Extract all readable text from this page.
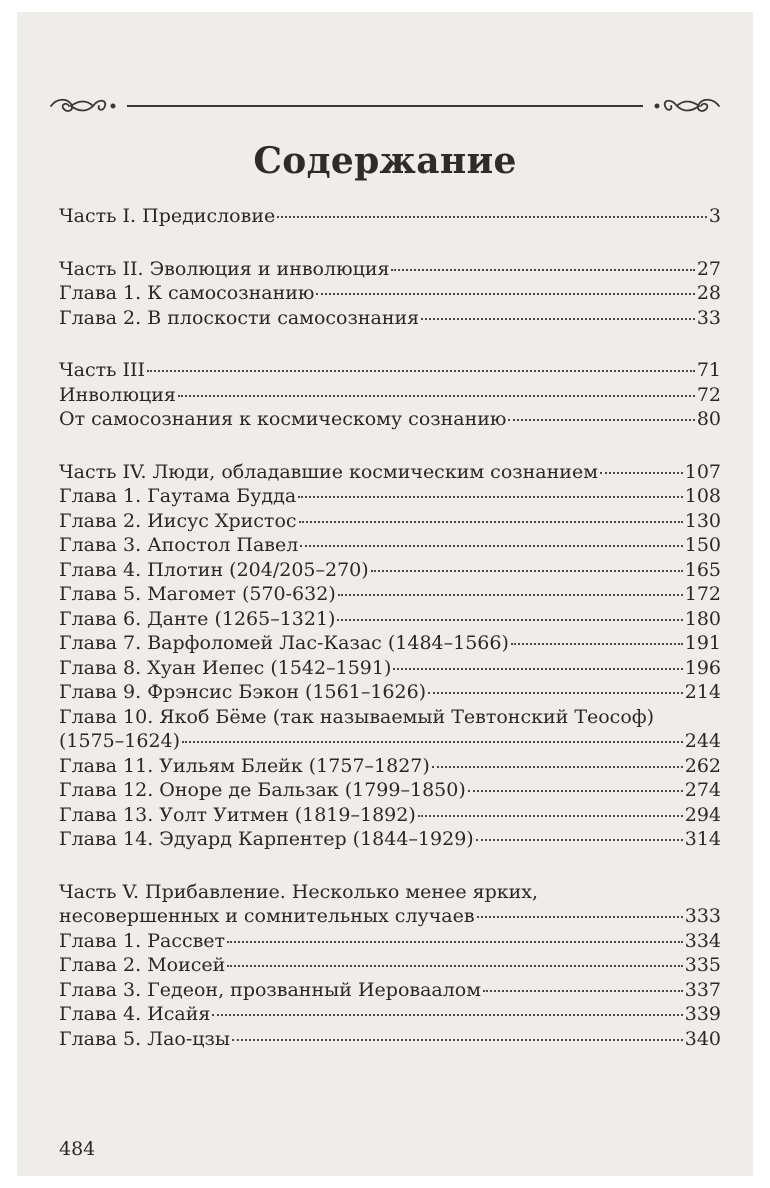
Содержание
Часть I. Предисловие	3
Часть II. Эволюция и инволюция	27
Глава 1. К самосознанию	28
Глава 2. В плоскости самосознания	33
Часть III	71
Инволюция	72
От самосознания к космическому сознанию	80
Часть IV. Люди, обладавшие космическим сознанием	107
Глава 1. Гаутама Будда	108
Глава 2. Иисус Христос	130
Глава 3. Апостол Павел	150
Глава 4. Плотин (204/205–270)	165
Глава 5. Магомет (570-632)	172
Глава 6. Данте (1265–1321)	180
Глава 7. Варфоломей Лас-Казас (1484–1566)	191
Глава 8. Хуан Иепес (1542–1591)	196
Глава 9. Фрэнсис Бэкон (1561–1626)	214
Глава 10. Якоб Бёме (так называемый Тевтонский Теософ)
(1575–1624)	244
Глава 11. Уильям Блейк (1757–1827)	262
Глава 12. Оноре де Бальзак (1799–1850)	274
Глава 13. Уолт Уитмен (1819–1892)	294
Глава 14. Эдуард Карпентер (1844–1929)	314
Часть V. Прибавление. Несколько менее ярких,
несовершенных и сомнительных случаев	333
Глава 1. Рассвет	334
Глава 2. Моисей	335
Глава 3. Гедеон, прозванный Иероваалом	337
Глава 4. Исайя	339
Глава 5. Лао-цзы	340
484
